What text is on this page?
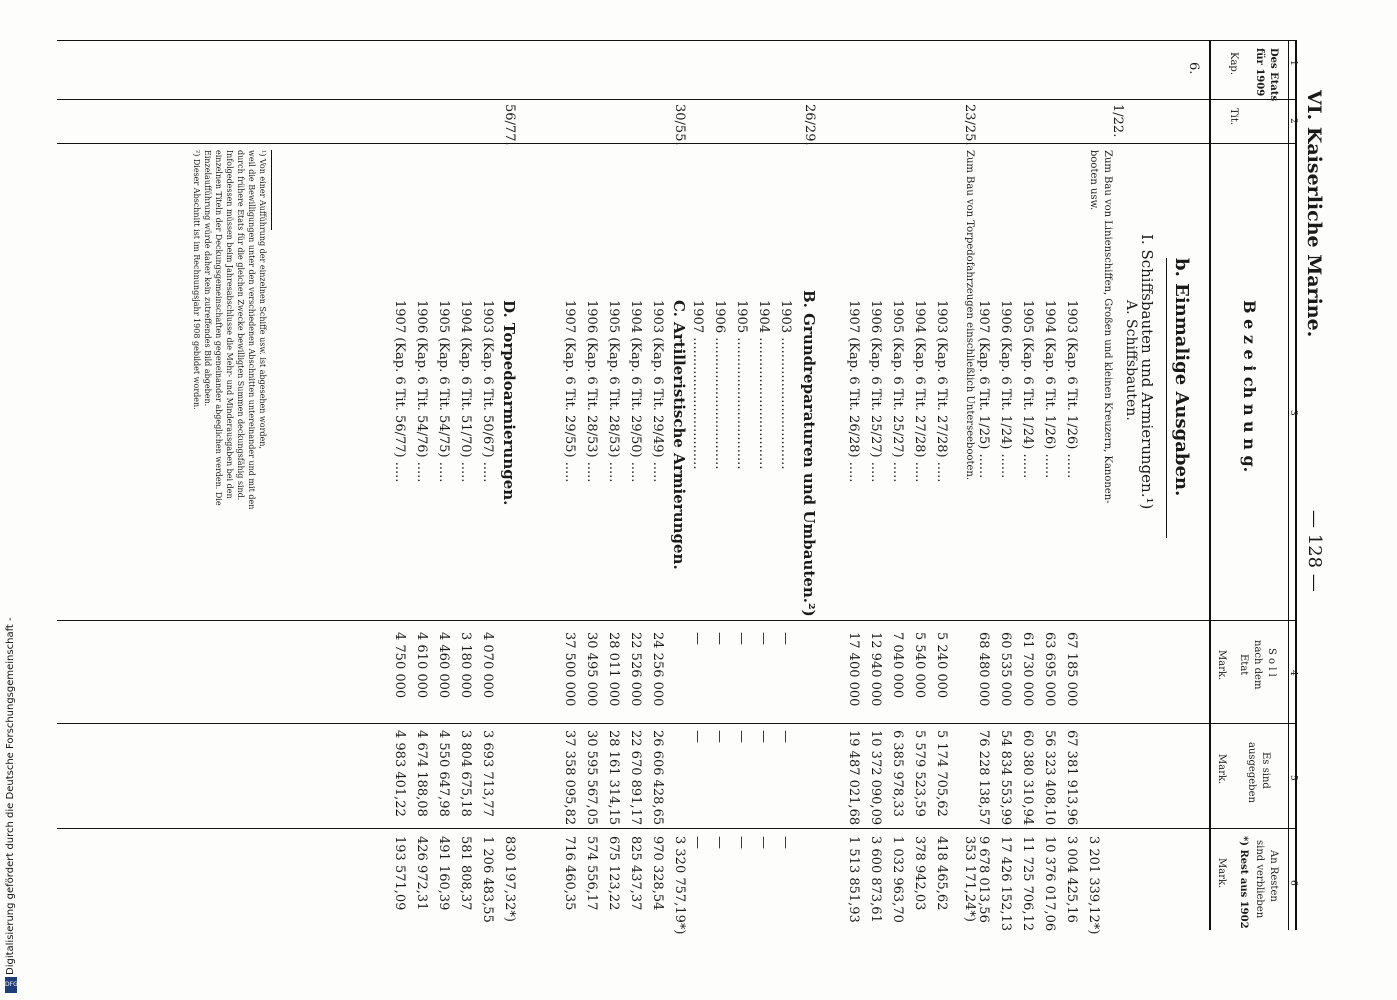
Digitalisierung gefördert durch die Deutsche Forschungsgemeinschaft -
DFG
VI. Kaiserliche Marine.
— 128 —
1
2
3
4
5
6
Des Etats
für 1909
Kap.
Tit.
B e z e i ch n u n g.
S o l l
nach dem
Etat
Mark.
Es sind
ausgegeben
Mark.
An Resten
sind verblieben
*) Rest aus 1902
Mark.
6.
b. Einmalige Ausgaben.
I. Schiffsbauten und Armierungen.¹)
1/22.
A. Schiffsbauten.
Zum Bau von Linienschiffen, Großen und kleinen Kreuzern, Kanonen-
booten usw.
3 201 339,12*)
1903 (Kap. 6 Tit. 1/26) ......
67 185 000
67 381 913,96
3 004 425,16
1904 (Kap. 6 Tit. 1/26) ......
63 695 000
56 323 408,10
10 376 017,06
1905 (Kap. 6 Tit. 1/24) ......
61 730 000
60 380 310,94
11 725 706,12
1906 (Kap. 6 Tit. 1/24) ......
60 535 000
54 834 553,99
17 426 152,13
1907 (Kap. 6 Tit. 1/25) ......
68 480 000
76 228 138,57
9 678 013,56
23/25.
Zum Bau von Torpedofahrzeugen einschließlich Unterseebooten.
353 171,24*)
1903 (Kap. 6 Tit. 27/28) .....
5 240 000
5 174 705,62
418 465,62
1904 (Kap. 6 Tit. 27/28) .....
5 540 000
5 579 523,59
378 942,03
1905 (Kap. 6 Tit. 25/27) .....
7 040 000
6 385 978,33
1 032 963,70
1906 (Kap. 6 Tit. 25/27) .....
12 940 000
10 372 090,09
3 600 873,61
1907 (Kap. 6 Tit. 26/28) .....
17 400 000
19 487 021,68
1 513 851,93
26/29.
B. Grundreparaturen und Umbauten.²)
1903 ................................
—
—
—
1904 ................................
—
—
—
1905 ................................
—
—
—
1906 ................................
—
—
—
1907 ................................
—
—
—
30/55.
C. Artilleristische Armierungen.
3 320 757,19*)
1903 (Kap. 6 Tit. 29/49) .....
24 256 000
26 606 428,65
970 328,54
1904 (Kap. 6 Tit. 29/50) .....
22 526 000
22 670 891,17
825 437,37
1905 (Kap. 6 Tit. 28/53) .....
28 011 000
28 161 314,15
675 123,22
1906 (Kap. 6 Tit. 28/53) .....
30 495 000
30 595 567,05
574 556,17
1907 (Kap. 6 Tit. 29/55) .....
37 500 000
37 358 095,82
716 460,35
56/77.
D. Torpedoarmierungen.
830 197,32*)
1903 (Kap. 6 Tit. 50/67) .....
4 070 000
3 693 713,77
1 206 483,55
1904 (Kap. 6 Tit. 51/70) .....
3 180 000
3 804 675,18
581 808,37
1905 (Kap. 6 Tit. 54/75) .....
4 460 000
4 550 647,98
491 160,39
1906 (Kap. 6 Tit. 54/76) .....
4 610 000
4 674 188,08
426 972,31
1907 (Kap. 6 Tit. 56/77) .....
4 750 000
4 983 401,22
193 571,09
¹) Von einer Aufführung der einzelnen Schiffe usw. ist abgesehen worden,
weil die Bewilligungen unter den verschiedenen Abschnitten untereinander und mit den
durch frühere Etats für die gleichen Zwecke bewilligten Summen deckungsfähig sind.
Infolgedessen müssen beim Jahresabschlusse die Mehr- und Minderausgaben bei den
einzelnen Titeln der Deckungsgemeinschaften gegeneinander abgeglichen werden. Die
Einzelaufführung würde daher kein zutreffendes Bild abgeben.
²) Dieser Abschnitt ist im Rechnungsjahr 1908 gebildet worden.
